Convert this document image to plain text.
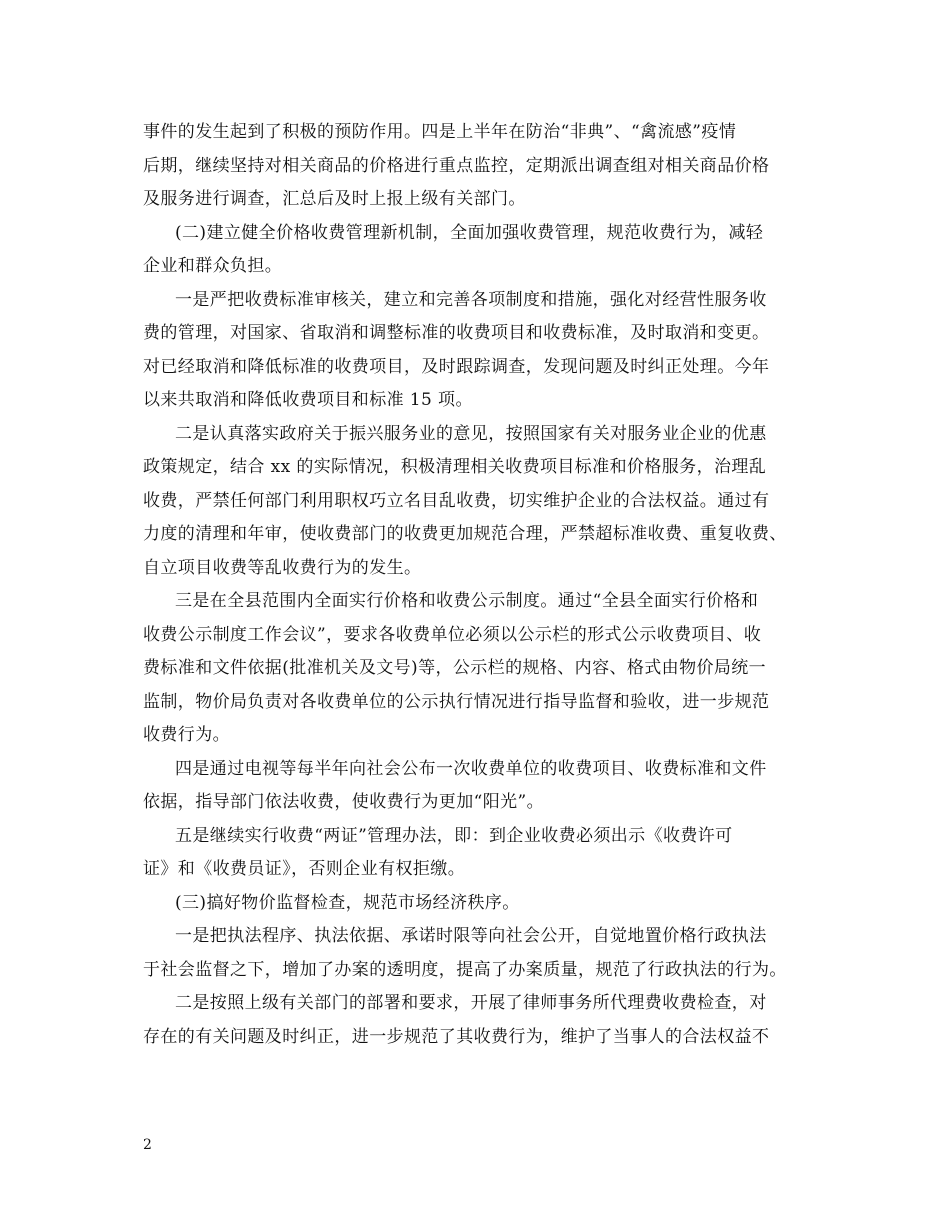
事件的发生起到了积极的预防作用。四是上半年在防治“非典”、“禽流感”疫情
后期，继续坚持对相关商品的价格进行重点监控，定期派出调查组对相关商品价格
及服务进行调查，汇总后及时上报上级有关部门。
(二)建立健全价格收费管理新机制，全面加强收费管理，规范收费行为，减轻
企业和群众负担。
一是严把收费标准审核关，建立和完善各项制度和措施，强化对经营性服务收
费的管理，对国家、省取消和调整标准的收费项目和收费标准，及时取消和变更。
对已经取消和降低标准的收费项目，及时跟踪调查，发现问题及时纠正处理。今年
以来共取消和降低收费项目和标准 15 项。
二是认真落实政府关于振兴服务业的意见，按照国家有关对服务业企业的优惠
政策规定，结合 xx 的实际情况，积极清理相关收费项目标准和价格服务，治理乱
收费，严禁任何部门利用职权巧立名目乱收费，切实维护企业的合法权益。通过有
力度的清理和年审，使收费部门的收费更加规范合理，严禁超标准收费、重复收费、
自立项目收费等乱收费行为的发生。
三是在全县范围内全面实行价格和收费公示制度。通过“全县全面实行价格和
收费公示制度工作会议”，要求各收费单位必须以公示栏的形式公示收费项目、收
费标准和文件依据(批准机关及文号)等，公示栏的规格、内容、格式由物价局统一
监制，物价局负责对各收费单位的公示执行情况进行指导监督和验收，进一步规范
收费行为。
四是通过电视等每半年向社会公布一次收费单位的收费项目、收费标准和文件
依据，指导部门依法收费，使收费行为更加“阳光”。
五是继续实行收费“两证”管理办法，即：到企业收费必须出示《收费许可
证》和《收费员证》，否则企业有权拒缴。
(三)搞好物价监督检查，规范市场经济秩序。
一是把执法程序、执法依据、承诺时限等向社会公开，自觉地置价格行政执法
于社会监督之下，增加了办案的透明度，提高了办案质量，规范了行政执法的行为。
二是按照上级有关部门的部署和要求，开展了律师事务所代理费收费检查，对
存在的有关问题及时纠正，进一步规范了其收费行为，维护了当事人的合法权益不
2
